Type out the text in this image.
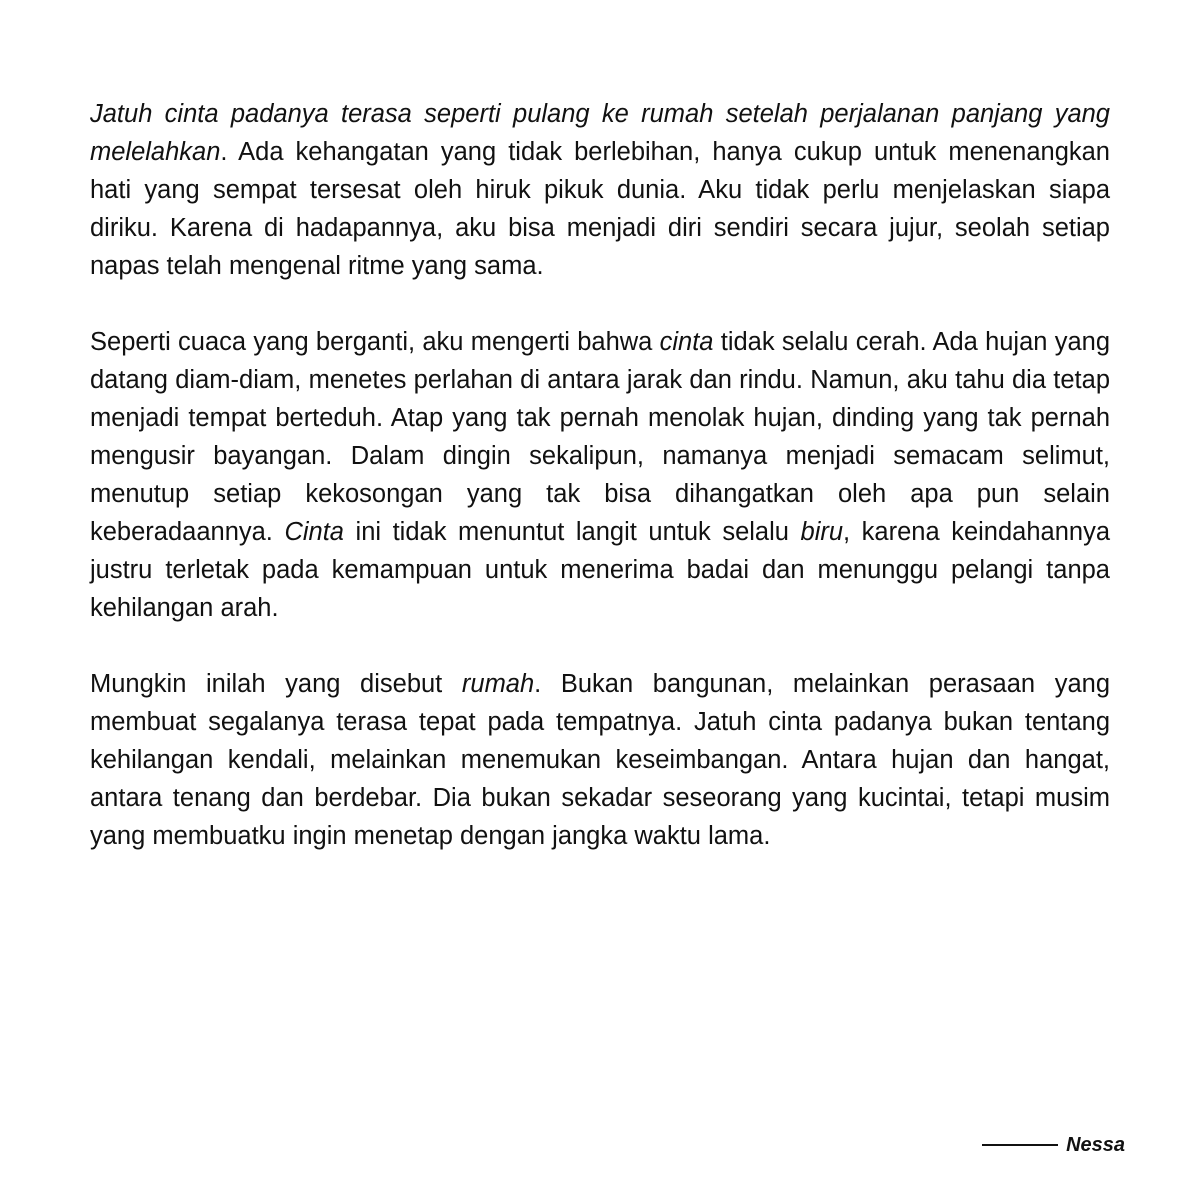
Jatuh cinta padanya terasa seperti pulang ke rumah setelah perjalanan panjang yang melelahkan. Ada kehangatan yang tidak berlebihan, hanya cukup untuk menenangkan hati yang sempat tersesat oleh hiruk pikuk dunia. Aku tidak perlu menjelaskan siapa diriku. Karena di hadapannya, aku bisa menjadi diri sendiri secara jujur, seolah setiap napas telah mengenal ritme yang sama.

Seperti cuaca yang berganti, aku mengerti bahwa cinta tidak selalu cerah. Ada hujan yang datang diam-diam, menetes perlahan di antara jarak dan rindu. Namun, aku tahu dia tetap menjadi tempat berteduh. Atap yang tak pernah menolak hujan, dinding yang tak pernah mengusir bayangan. Dalam dingin sekalipun, namanya menjadi semacam selimut, menutup setiap kekosongan yang tak bisa dihangatkan oleh apa pun selain keberadaannya. Cinta ini tidak menuntut langit untuk selalu biru, karena keindahannya justru terletak pada kemampuan untuk menerima badai dan menunggu pelangi tanpa kehilangan arah.

Mungkin inilah yang disebut rumah. Bukan bangunan, melainkan perasaan yang membuat segalanya terasa tepat pada tempatnya. Jatuh cinta padanya bukan tentang kehilangan kendali, melainkan menemukan keseimbangan. Antara hujan dan hangat, antara tenang dan berdebar. Dia bukan sekadar seseorang yang kucintai, tetapi musim yang membuatku ingin menetap dengan jangka waktu lama.

Nessa
